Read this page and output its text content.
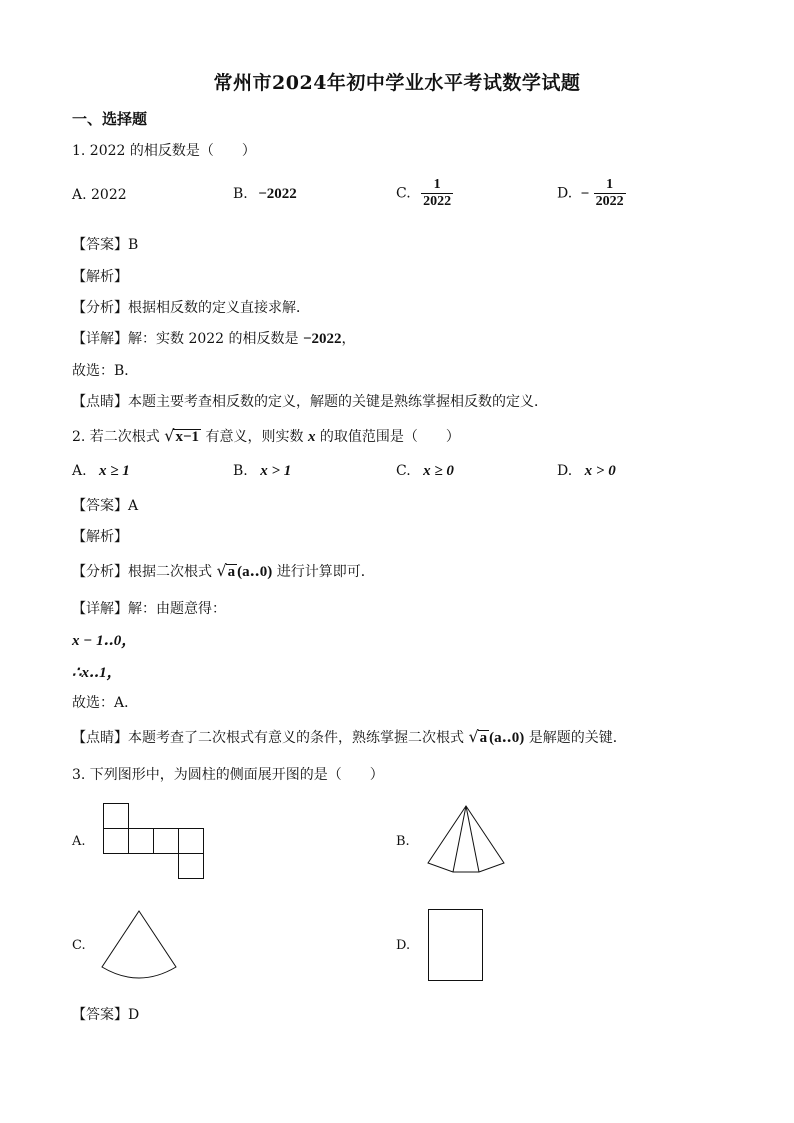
常州市2024年初中学业水平考试数学试题
一、选择题
1. 2022 的相反数是（　　）
A. 2022	B. −2022	C. $\frac{1}{2022}$	D. − $\frac{1}{2022}$
【答案】B
【解析】
【分析】根据相反数的定义直接求解．
【详解】解：实数 2022 的相反数是 −2022，
故选：B．
【点睛】本题主要考查相反数的定义，解题的关键是熟练掌握相反数的定义．
2. 若二次根式 √x−1 有意义，则实数 x 的取值范围是（　　）
A. x ≥ 1	B. x > 1	C. x ≥ 0	D. x > 0
【答案】A
【解析】
【分析】根据二次根式 √a (a‥0) 进行计算即可．
【详解】解：由题意得：
x − 1‥0，
∴x‥1，
故选：A．
【点睛】本题考查了二次根式有意义的条件，熟练掌握二次根式 √a (a‥0) 是解题的关键．
3. 下列图形中，为圆柱的侧面展开图的是（　　）
A.	B.
C.	D.
【答案】D
